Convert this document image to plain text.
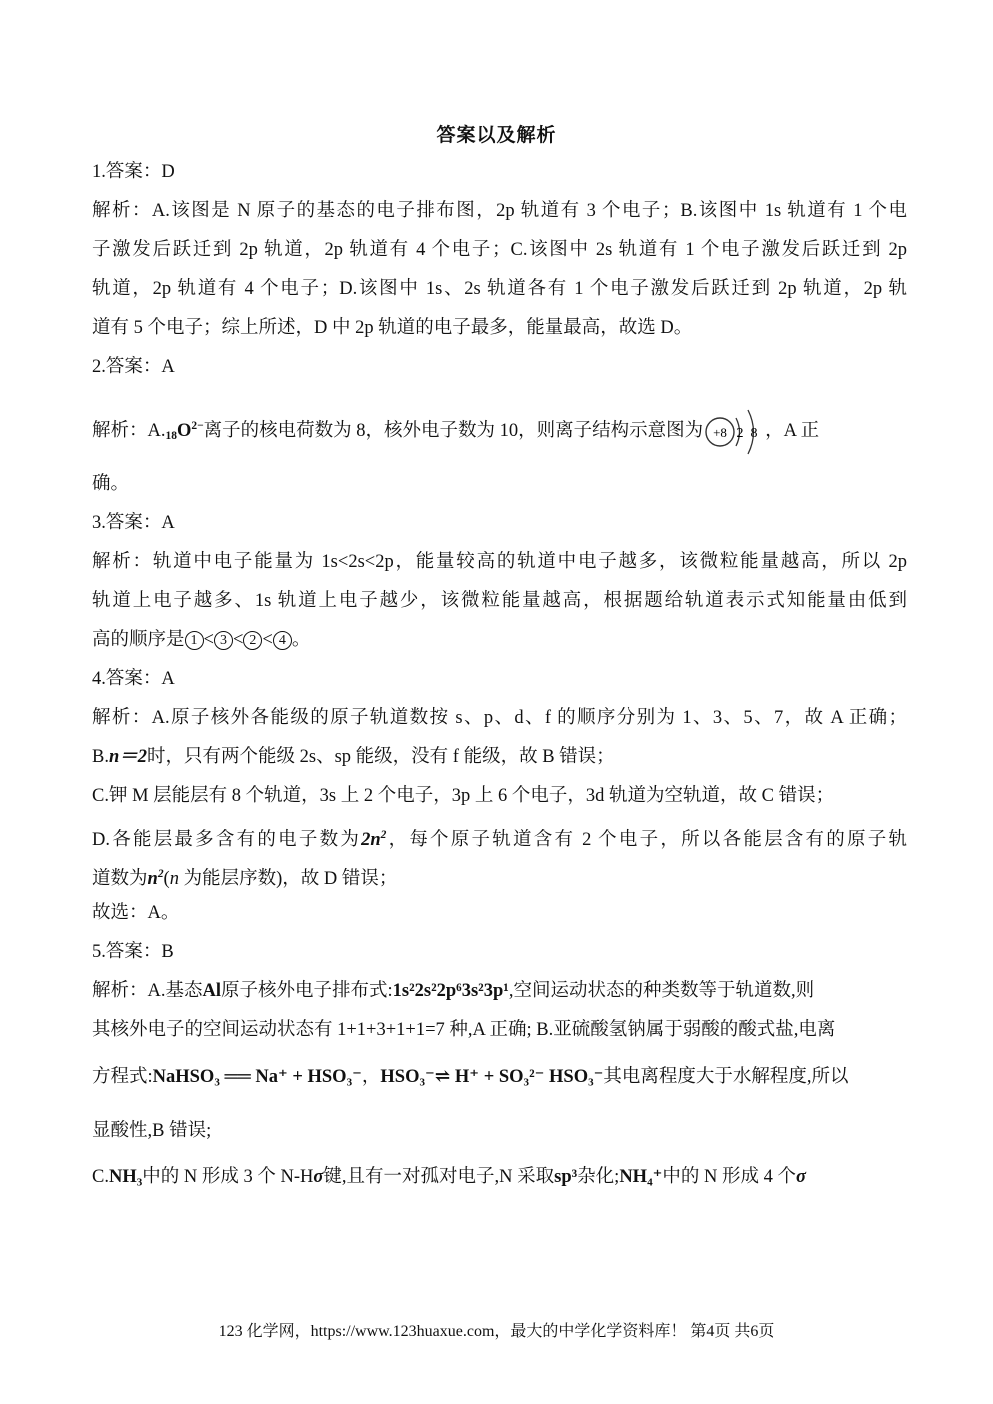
答案以及解析
1.答案：D
解析：A.该图是 N 原子的基态的电子排布图，2p 轨道有 3 个电子；B.该图中 1s 轨道有 1 个电
子激发后跃迁到 2p 轨道，2p 轨道有 4 个电子；C.该图中 2s 轨道有 1 个电子激发后跃迁到 2p
轨道，2p 轨道有 4 个电子；D.该图中 1s、2s 轨道各有 1 个电子激发后跃迁到 2p 轨道，2p 轨
道有 5 个电子；综上所述，D 中 2p 轨道的电子最多，能量最高，故选 D。
2.答案：A
解析：$A._{18}O^{2-}$离子的核电荷数为 8，核外电子数为 10，则离子结构示意图为 +8 2 8 ，A 正
确。
3.答案：A
解析：轨道中电子能量为 1s<2s<2p，能量较高的轨道中电子越多，该微粒能量越高，所以 2p
轨道上电子越多、1s 轨道上电子越少，该微粒能量越高，根据题给轨道表示式知能量由低到
高的顺序是 1 < 3 < 2 < 4 。
4.答案：A
解析：A.原子核外各能级的原子轨道数按 s、p、d、f 的顺序分别为 1、3、5、7，故 A 正确；
B.n＝2时，只有两个能级 2s、sp 能级，没有 f 能级，故 B 错误；
C.钾 M 层能层有 8 个轨道，3s 上 2 个电子，3p 上 6 个电子，3d 轨道为空轨道，故 C 错误；
D.各能层最多含有的电子数为$2n^2$，每个原子轨道含有 2 个电子，所以各能层含有的原子轨
道数为$n^2(n$ 为能层序数)，故 D 错误；
故选：A。
5.答案：B
解析：A.基态Al原子核外电子排布式:1s²2s²2p⁶3s²3p¹,空间运动状态的种类数等于轨道数,则
其核外电子的空间运动状态有 1+1+3+1+1=7 种,A 正确; B.亚硫酸氢钠属于弱酸的酸式盐,电离
方程式:NaHSO₃ ══ Na⁺ + HSO₃⁻，HSO₃⁻⇌ H⁺ + SO₃²⁻ HSO₃⁻其电离程度大于水解程度,所以
显酸性,B 错误;
C.NH₃中的 N 形成 3 个 N-Hσ键,且有一对孤对电子,N 采取sp³杂化;NH₄⁺中的 N 形成 4 个σ
123 化学网，https://www.123huaxue.com，最大的中学化学资料库！ 第4页 共6页
